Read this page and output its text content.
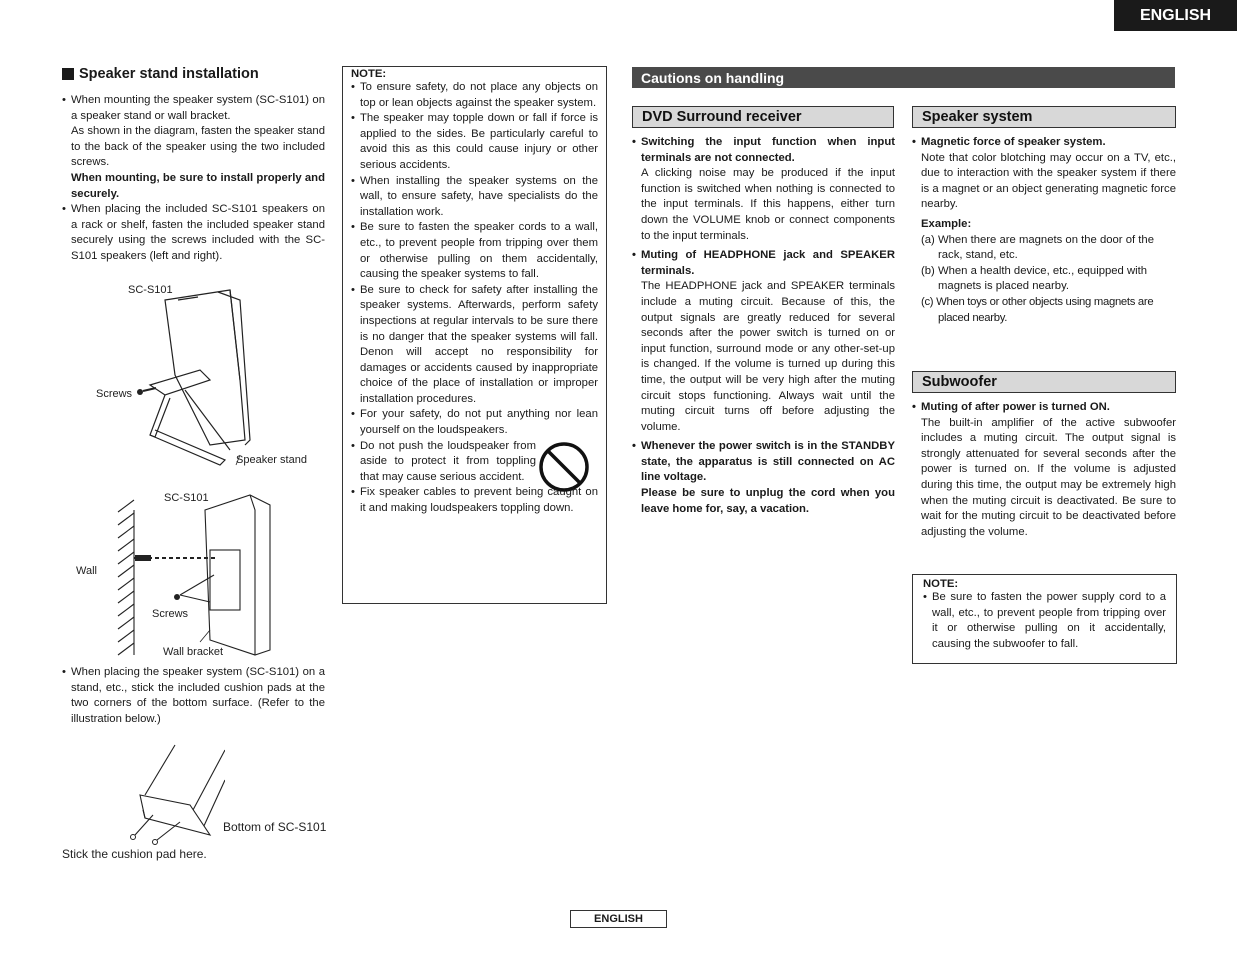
ENGLISH
Speaker stand installation
• When mounting the speaker system (SC-S101) on a speaker stand or wall bracket.
As shown in the diagram, fasten the speaker stand to the back of the speaker using the two included screws.
When mounting, be sure to install properly and securely.
• When placing the included SC-S101 speakers on a rack or shelf, fasten the included speaker stand securely using the screws included with the SC-S101 speakers (left and right).
SC-S101
Screws
Speaker stand
SC-S101
Wall
Screws
Wall bracket
• When placing the speaker system (SC-S101) on a stand, etc., stick the included cushion pads at the two corners of the bottom surface. (Refer to the illustration below.)
Bottom of SC-S101
Stick the cushion pad here.
NOTE:
• To ensure safety, do not place any objects on top or lean objects against the speaker system.
• The speaker may topple down or fall if force is applied to the sides. Be particularly careful to avoid this as this could cause injury or other serious accidents.
• When installing the speaker systems on the wall, to ensure safety, have specialists do the installation work.
• Be sure to fasten the speaker cords to a wall, etc., to prevent people from tripping over them or otherwise pulling on them accidentally, causing the speaker systems to fall.
• Be sure to check for safety after installing the speaker systems. Afterwards, perform safety inspections at regular intervals to be sure there is no danger that the speaker systems will fall. Denon will accept no responsibility for damages or accidents caused by inappropriate choice of the place of installation or improper installation procedures.
• For your safety, do not put anything nor lean yourself on the loudspeakers.
• Do not push the loudspeaker from aside to protect it from toppling that may cause serious accident.
• Fix speaker cables to prevent being caught on it and making loudspeakers toppling down.
Cautions on handling
DVD Surround receiver
• Switching the input function when input terminals are not connected.
A clicking noise may be produced if the input function is switched when nothing is connected to the input terminals. If this happens, either turn down the VOLUME knob or connect components to the input terminals.
• Muting of HEADPHONE jack and SPEAKER terminals.
The HEADPHONE jack and SPEAKER terminals include a muting circuit. Because of this, the output signals are greatly reduced for several seconds after the power switch is turned on or input function, surround mode or any other-set-up is changed. If the volume is turned up during this time, the output will be very high after the muting circuit stops functioning. Always wait until the muting circuit turns off before adjusting the volume.
• Whenever the power switch is in the STANDBY state, the apparatus is still connected on AC line voltage.
Please be sure to unplug the cord when you leave home for, say, a vacation.
Speaker system
• Magnetic force of speaker system.
Note that color blotching may occur on a TV, etc., due to interaction with the speaker system if there is a magnet or an object generating magnetic force nearby.
Example:
(a) When there are magnets on the door of the rack, stand, etc.
(b) When a health device, etc., equipped with magnets is placed nearby.
(c) When toys or other objects using magnets are placed nearby.
Subwoofer
• Muting of after power is turned ON.
The built-in amplifier of the active subwoofer includes a muting circuit. The output signal is strongly attenuated for several seconds after the power is turned on. If the volume is adjusted during this time, the output may be extremely high when the muting circuit is deactivated. Be sure to wait for the muting circuit to be deactivated before adjusting the volume.
NOTE:
• Be sure to fasten the power supply cord to a wall, etc., to prevent people from tripping over it or otherwise pulling on it accidentally, causing the subwoofer to fall.
ENGLISH
